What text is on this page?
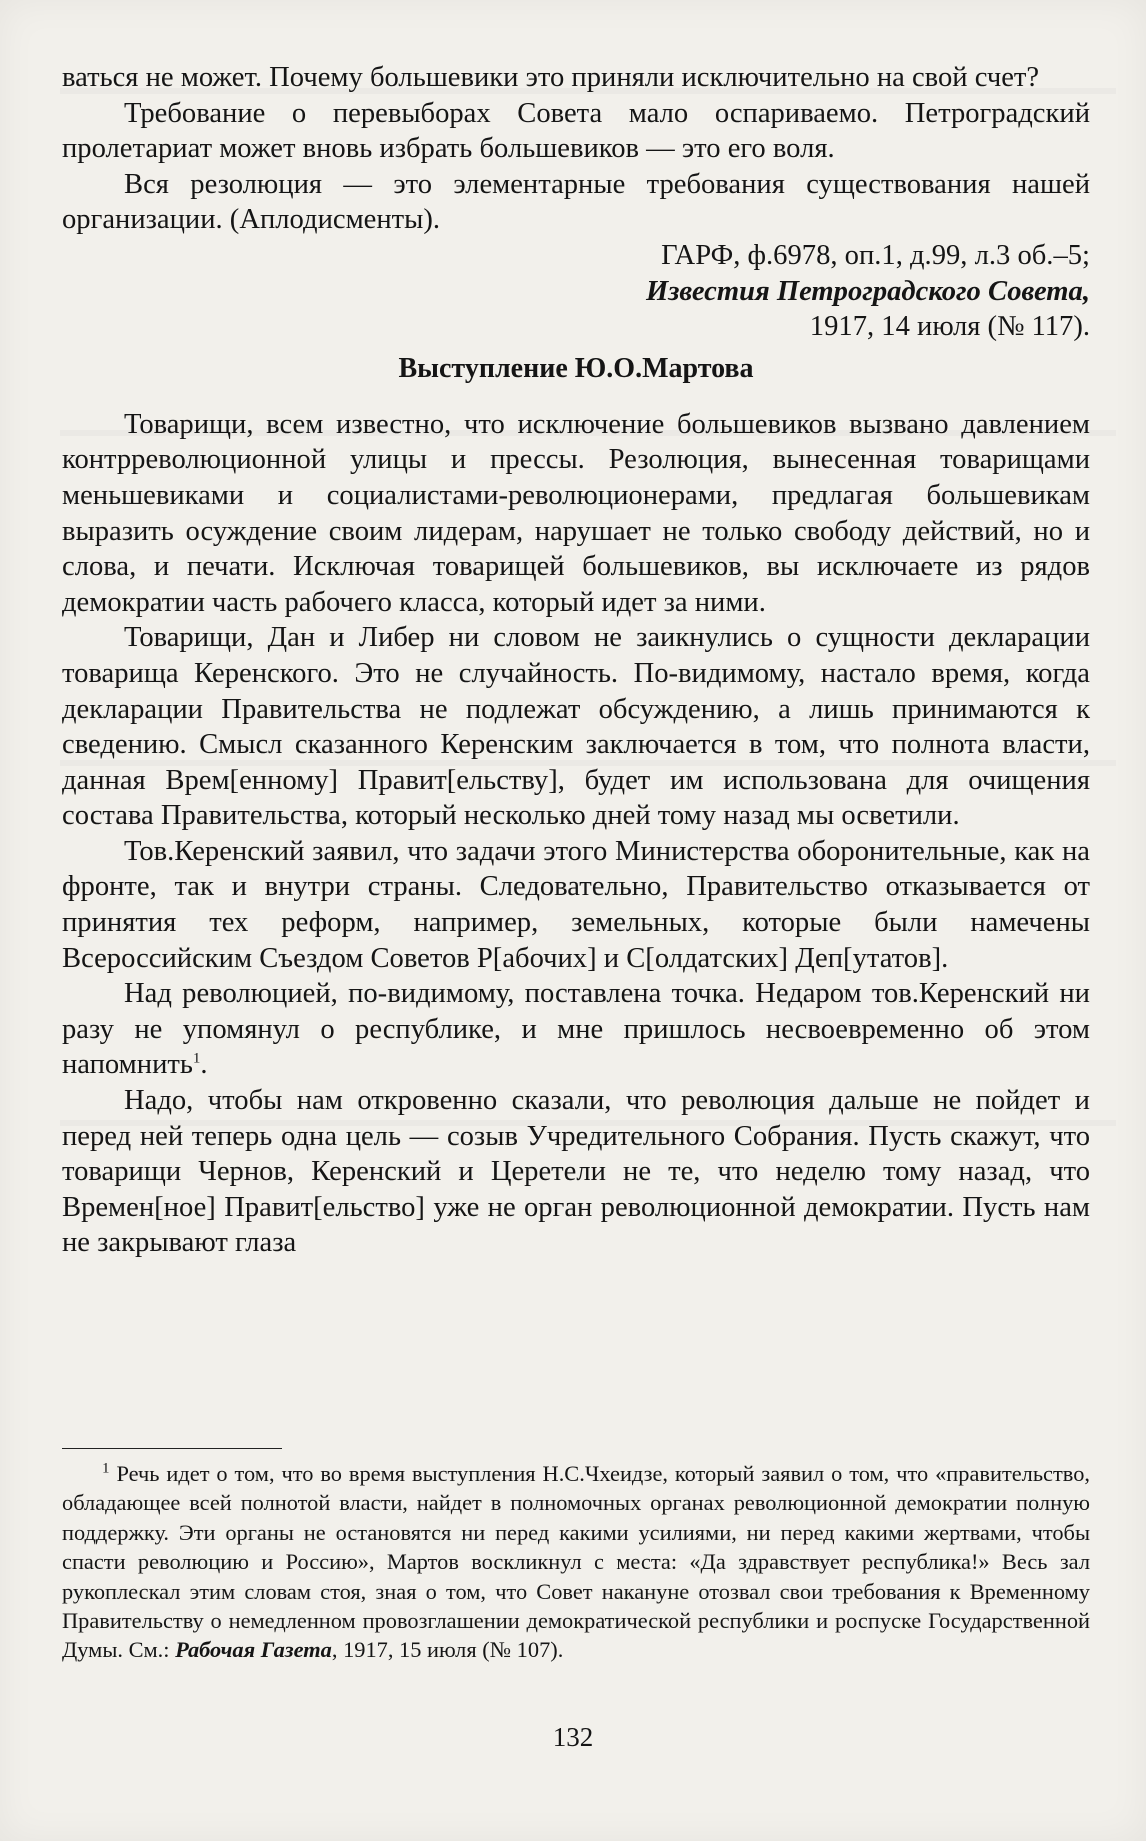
ваться не может. Почему большевики это приняли исключительно на свой счет?

Требование о перевыборах Совета мало оспариваемо. Петроградский пролетариат может вновь избрать большевиков — это его воля.

Вся резолюция — это элементарные требования существования нашей организации. (Аплодисменты).

ГАРФ, ф.6978, оп.1, д.99, л.3 об.–5;

Известия Петроградского Совета,

1917, 14 июля (№ 117).

Выступление Ю.О.Мартова

Товарищи, всем известно, что исключение большевиков вызвано давлением контрреволюционной улицы и прессы. Резолюция, вынесенная товарищами меньшевиками и социалистами-революционерами, предлагая большевикам выразить осуждение своим лидерам, нарушает не только свободу действий, но и слова, и печати. Исключая товарищей большевиков, вы исключаете из рядов демократии часть рабочего класса, который идет за ними.

Товарищи, Дан и Либер ни словом не заикнулись о сущности декларации товарища Керенского. Это не случайность. По-видимому, настало время, когда декларации Правительства не подлежат обсуждению, а лишь принимаются к сведению. Смысл сказанного Керенским заключается в том, что полнота власти, данная Врем[енному] Правит[ельству], будет им использована для очищения состава Правительства, который несколько дней тому назад мы осветили.

Тов.Керенский заявил, что задачи этого Министерства оборонительные, как на фронте, так и внутри страны. Следовательно, Правительство отказывается от принятия тех реформ, например, земельных, которые были намечены Всероссийским Съездом Советов Р[абочих] и С[олдатских] Деп[утатов].

Над революцией, по-видимому, поставлена точка. Недаром тов.Керенский ни разу не упомянул о республике, и мне пришлось несвоевременно об этом напомнить$^1$.

Надо, чтобы нам откровенно сказали, что революция дальше не пойдет и перед ней теперь одна цель — созыв Учредительного Собрания. Пусть скажут, что товарищи Чернов, Керенский и Церетели не те, что неделю тому назад, что Времен[ное] Правит[ельство] уже не орган революционной демократии. Пусть нам не закрывают глаза

$^1$ Речь идет о том, что во время выступления Н.С.Чхеидзе, который заявил о том, что «правительство, обладающее всей полнотой власти, найдет в полномочных органах революционной демократии полную поддержку. Эти органы не остановятся ни перед какими усилиями, ни перед какими жертвами, чтобы спасти революцию и Россию», Мартов воскликнул с места: «Да здравствует республика!» Весь зал рукоплескал этим словам стоя, зная о том, что Совет накануне отозвал свои требования к Временному Правительству о немедленном провозглашении демократической республики и роспуске Государственной Думы. См.: Рабочая Газета, 1917, 15 июля (№ 107).

132
